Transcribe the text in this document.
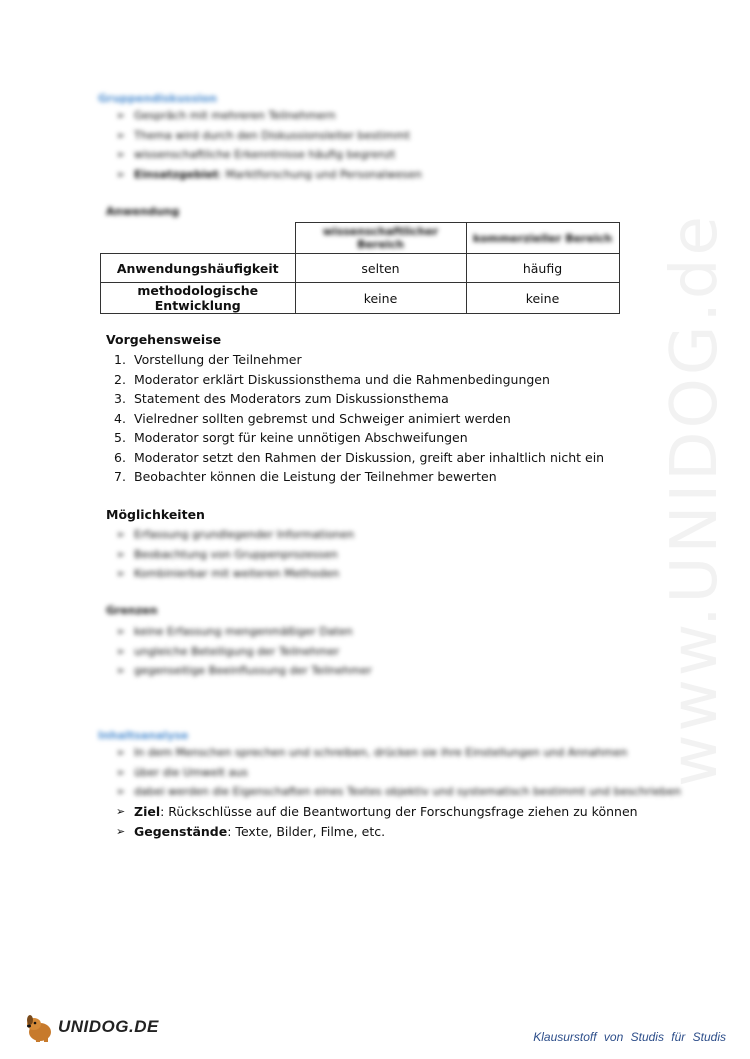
www.UNIDOG.de
Gruppendiskussion
➢ Gespräch mit mehreren Teilnehmern
➢ Thema wird durch den Diskussionsleiter bestimmt
➢ wissenschaftliche Erkenntnisse häufig begrenzt
➢ Einsatzgebiet: Marktforschung und Personalwesen
Anwendung
	wissenschaftlicher Bereich	kommerzieller Bereich
Anwendungshäufigkeit	selten	häufig
methodologische Entwicklung	keine	keine
Vorgehensweise
1. Vorstellung der Teilnehmer
2. Moderator erklärt Diskussionsthema und die Rahmenbedingungen
3. Statement des Moderators zum Diskussionsthema
4. Vielredner sollten gebremst und Schweiger animiert werden
5. Moderator sorgt für keine unnötigen Abschweifungen
6. Moderator setzt den Rahmen der Diskussion, greift aber inhaltlich nicht ein
7. Beobachter können die Leistung der Teilnehmer bewerten
Möglichkeiten
➢ Erfassung grundlegender Informationen
➢ Beobachtung von Gruppenprozessen
➢ Kombinierbar mit weiteren Methoden
Grenzen
➢ keine Erfassung mengenmäßiger Daten
➢ ungleiche Beteiligung der Teilnehmer
➢ gegenseitige Beeinflussung der Teilnehmer
Inhaltsanalyse
➢ In dem Menschen sprechen und schreiben, drücken sie ihre Einstellungen und Annahmen
➢ über die Umwelt aus
➢ dabei werden die Eigenschaften eines Textes objektiv und systematisch bestimmt und beschrieben
➢ Ziel: Rückschlüsse auf die Beantwortung der Forschungsfrage ziehen zu können
➢ Gegenstände: Texte, Bilder, Filme, etc.
UNIDOG.DE
Klausurstoff von Studis für Studis
